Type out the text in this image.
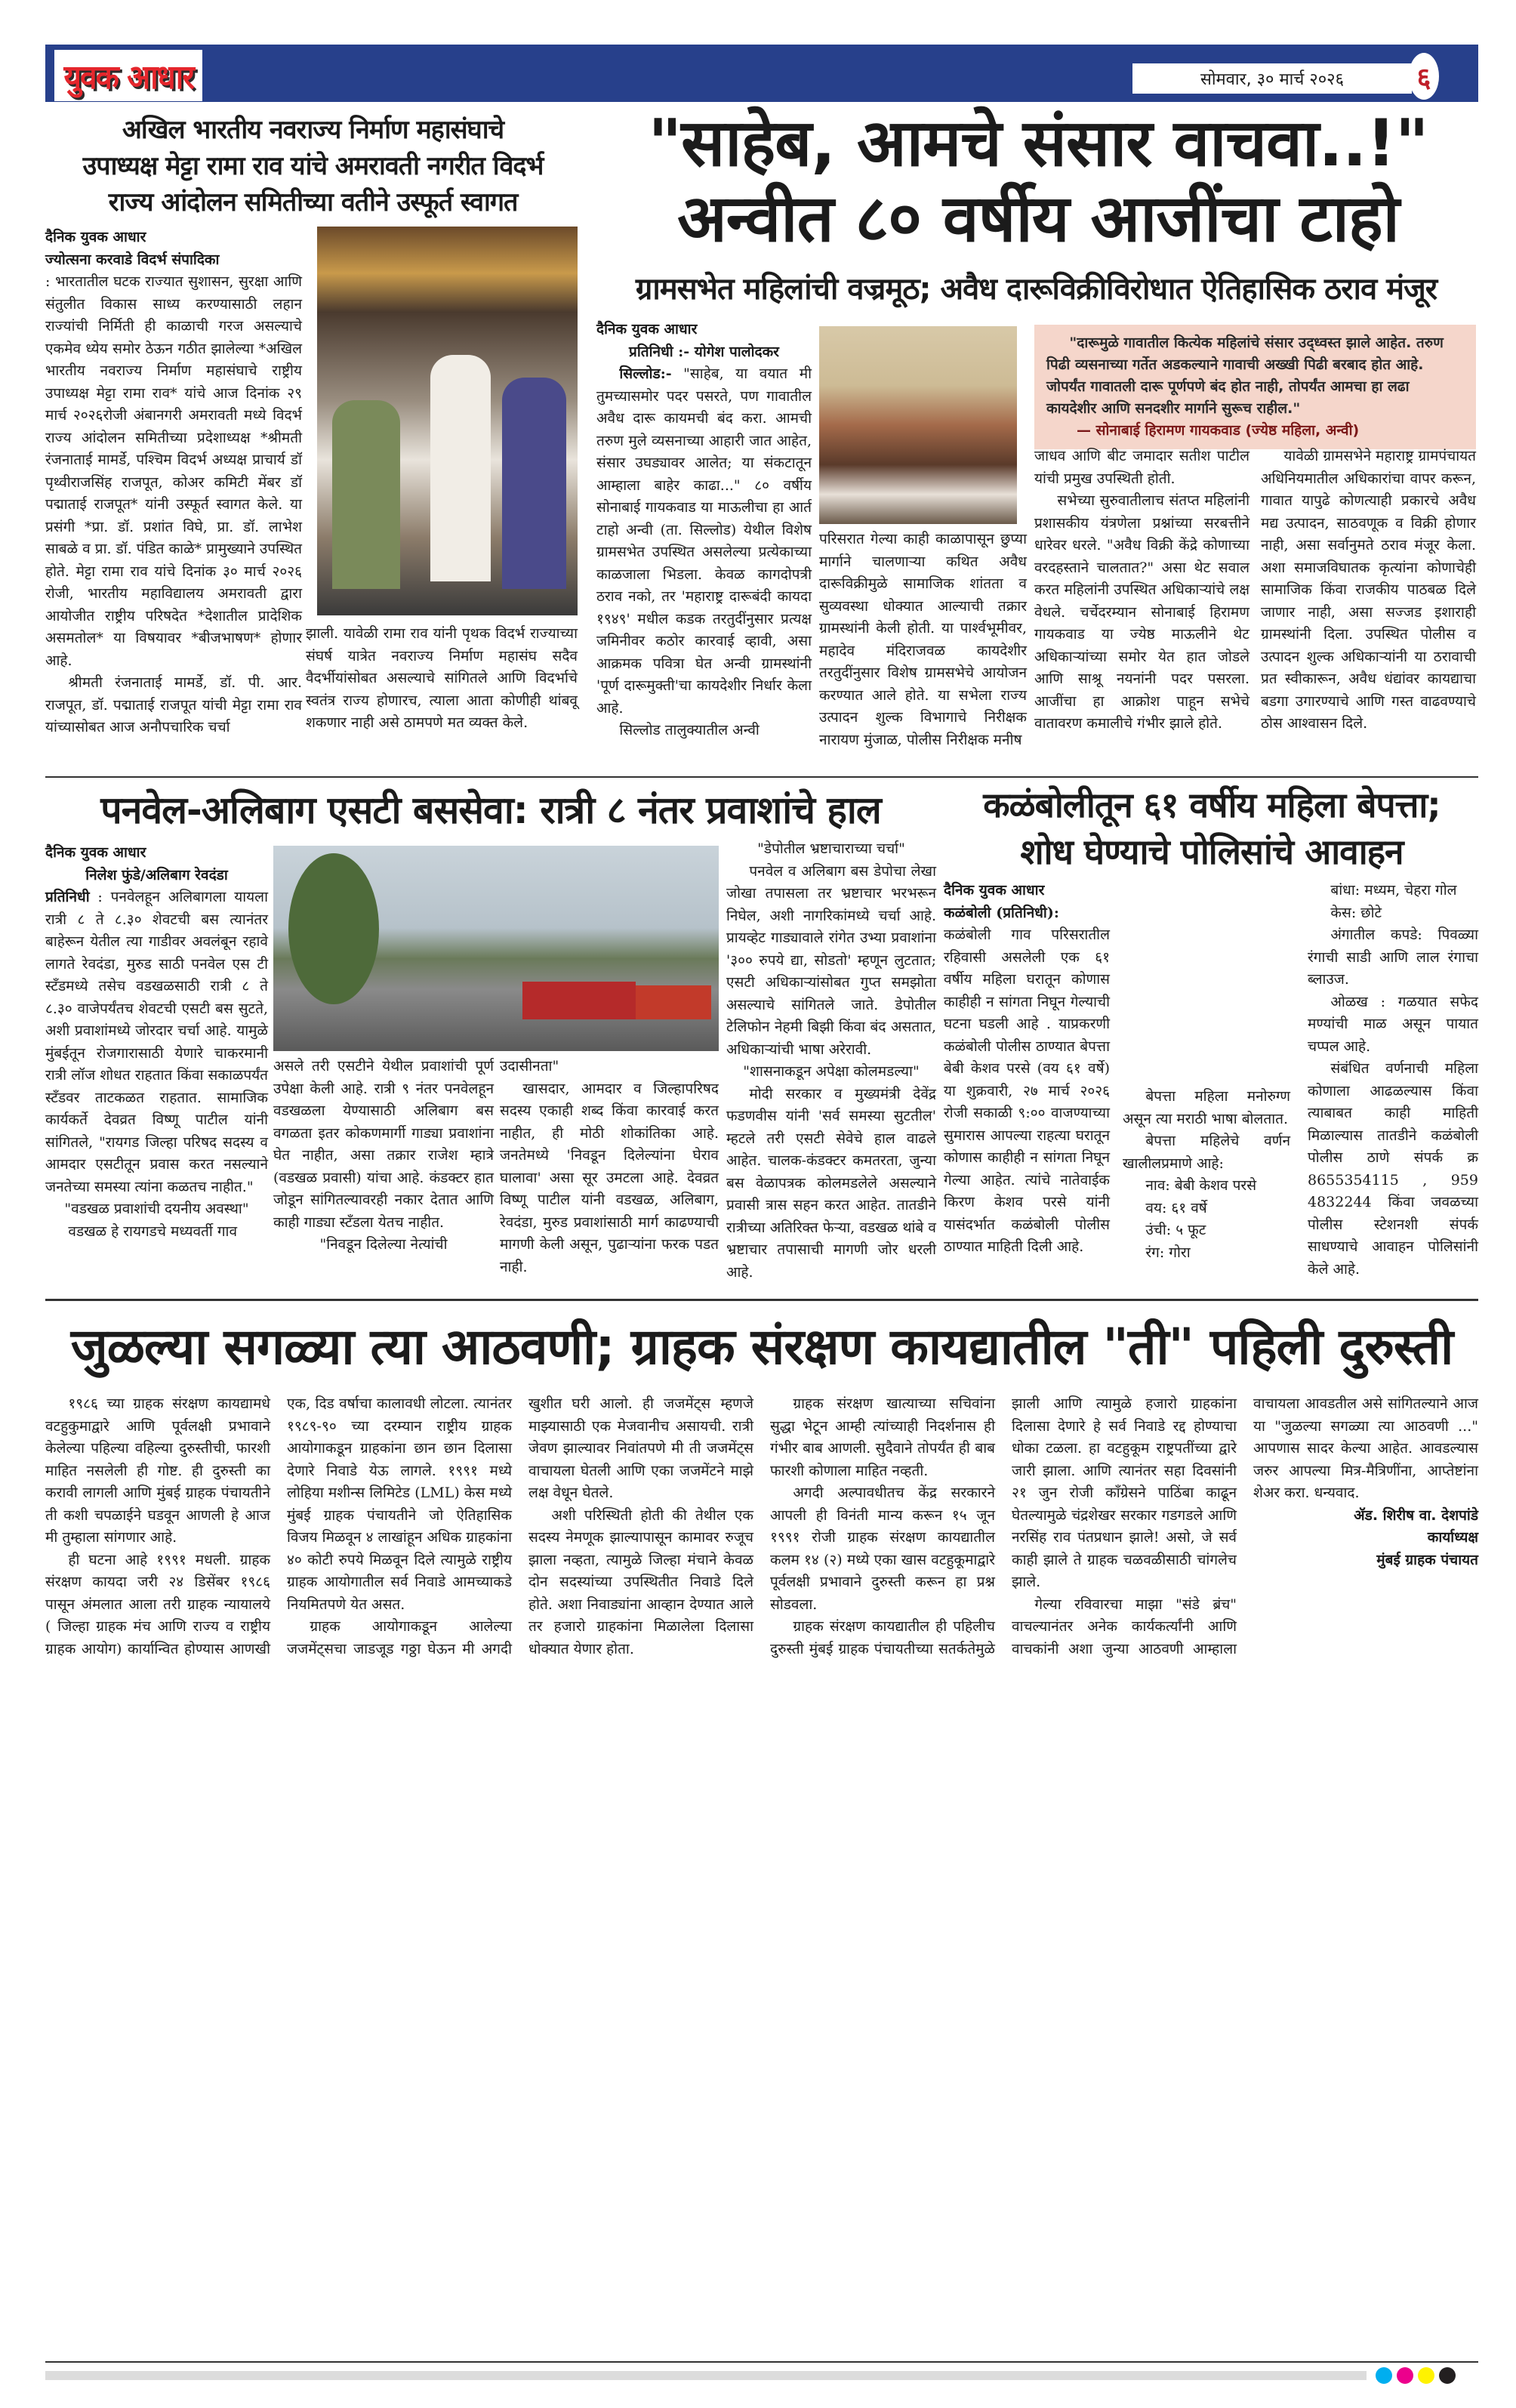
युवक आधार	सोमवार, ३० मार्च २०२६	६
अखिल भारतीय नवराज्य निर्माण महासंघाचे
उपाध्यक्ष मेट्टा रामा राव यांचे अमरावती नगरीत विदर्भ
राज्य आंदोलन समितीच्या वतीने उस्फूर्त स्वागत

दैनिक युवक आधार

ज्योत्सना करवाडे विदर्भ संपादिका

: भारतातील घटक राज्यात सुशासन, सुरक्षा आणि संतुलीत विकास साध्य करण्यासाठी लहान राज्यांची निर्मिती ही काळाची गरज असल्याचे एकमेव ध्येय समोर ठेऊन गठीत झालेल्या *अखिल भारतीय नवराज्य निर्माण महासंघाचे राष्ट्रीय उपाध्यक्ष मेट्टा रामा राव* यांचे आज दिनांक २९ मार्च २०२६रोजी अंबानगरी अमरावती मध्ये विदर्भ राज्य आंदोलन समितीच्या प्रदेशाध्यक्ष *श्रीमती रंजनाताई मामर्डे, पश्चिम विदर्भ अध्यक्ष प्राचार्य डॉ पृथ्वीराजसिंह राजपूत, कोअर कमिटी मेंबर डॉ पद्माताई राजपूत* यांनी उस्फूर्त स्वागत केले. या प्रसंगी *प्रा. डॉ. प्रशांत विघे, प्रा. डॉ. लाभेश साबळे व प्रा. डॉ. पंडित काळे* प्रामुख्याने उपस्थित होते. मेट्टा रामा राव यांचे दिनांक ३० मार्च २०२६ रोजी, भारतीय महाविद्यालय अमरावती द्वारा आयोजीत राष्ट्रीय परिषदेत *देशातील प्रादेशिक असमतोल* या विषयावर *बीजभाषण* होणार आहे.

श्रीमती रंजनाताई मामर्डे, डॉ. पी. आर. राजपूत, डॉ. पद्माताई राजपूत यांची मेट्टा रामा राव यांच्यासोबत आज अनौपचारिक चर्चा

झाली. यावेळी रामा राव यांनी पृथक विदर्भ राज्याच्या संघर्ष यात्रेत नवराज्य निर्माण महासंघ सदैव वैदर्भीयांसोबत असल्याचे सांगितले आणि विदर्भाचे स्वतंत्र राज्य होणारच, त्याला आता कोणीही थांबवू शकणार नाही असे ठामपणे मत व्यक्त केले.

"साहेब, आमचे संसार वाचवा..!"
अन्वीत ८० वर्षीय आजींचा टाहो
ग्रामसभेत महिलांची वज्रमूठ; अवैध दारूविक्रीविरोधात ऐतिहासिक ठराव मंजूर

दैनिक युवक आधार

प्रतिनिधी :- योगेश पालोदकर

सिल्लोड:- "साहेब, या वयात मी तुमच्यासमोर पदर पसरते, पण गावातील अवैध दारू कायमची बंद करा. आमची तरुण मुले व्यसनाच्या आहारी जात आहेत, संसार उघड्यावर आलेत; या संकटातून आम्हाला बाहेर काढा..." ८० वर्षीय सोनाबाई गायकवाड या माऊलीचा हा आर्त टाहो अन्वी (ता. सिल्लोड) येथील विशेष ग्रामसभेत उपस्थित असलेल्या प्रत्येकाच्या काळजाला भिडला. केवळ कागदोपत्री ठराव नको, तर 'महाराष्ट्र दारूबंदी कायदा १९४९' मधील कडक तरतुदींनुसार प्रत्यक्ष जमिनीवर कठोर कारवाई व्हावी, असा आक्रमक पवित्रा घेत अन्वी ग्रामस्थांनी 'पूर्ण दारूमुक्ती'चा कायदेशीर निर्धार केला आहे.

सिल्लोड तालुक्यातील अन्वी

परिसरात गेल्या काही काळापासून छुप्या मार्गाने चालणाऱ्या कथित अवैध दारूविक्रीमुळे सामाजिक शांतता व सुव्यवस्था धोक्यात आल्याची तक्रार ग्रामस्थांनी केली होती. या पार्श्वभूमीवर, महादेव मंदिराजवळ कायदेशीर तरतुदींनुसार विशेष ग्रामसभेचे आयोजन करण्यात आले होते. या सभेला राज्य उत्पादन शुल्क विभागाचे निरीक्षक नारायण मुंजाळ, पोलीस निरीक्षक मनीष

"दारूमुळे गावातील कित्येक महिलांचे संसार उद्ध्वस्त झाले आहेत. तरुण पिढी व्यसनाच्या गर्तेत अडकल्याने गावाची अख्खी पिढी बरबाद होत आहे. जोपर्यंत गावातली दारू पूर्णपणे बंद होत नाही, तोपर्यंत आमचा हा लढा कायदेशीर आणि सनदशीर मार्गाने सुरूच राहील."
— सोनाबाई हिरामण गायकवाड (ज्येष्ठ महिला, अन्वी)

जाधव आणि बीट जमादार सतीश पाटील यांची प्रमुख उपस्थिती होती.

सभेच्या सुरुवातीलाच संतप्त महिलांनी प्रशासकीय यंत्रणेला प्रश्नांच्या सरबत्तीने धारेवर धरले. "अवैध विक्री केंद्रे कोणाच्या वरदहस्ताने चालतात?" असा थेट सवाल करत महिलांनी उपस्थित अधिकाऱ्यांचे लक्ष वेधले. चर्चेदरम्यान सोनाबाई हिरामण गायकवाड या ज्येष्ठ माऊलीने थेट अधिकाऱ्यांच्या समोर येत हात जोडले आणि साश्रू नयनांनी पदर पसरला. आजींचा हा आक्रोश पाहून सभेचे वातावरण कमालीचे गंभीर झाले होते.

यावेळी ग्रामसभेने महाराष्ट्र ग्रामपंचायत अधिनियमातील अधिकारांचा वापर करून, गावात यापुढे कोणत्याही प्रकारचे अवैध मद्य उत्पादन, साठवणूक व विक्री होणार नाही, असा सर्वानुमते ठराव मंजूर केला. अशा समाजविघातक कृत्यांना कोणाचेही सामाजिक किंवा राजकीय पाठबळ दिले जाणार नाही, असा सज्जड इशाराही ग्रामस्थांनी दिला. उपस्थित पोलीस व उत्पादन शुल्क अधिकाऱ्यांनी या ठरावाची प्रत स्वीकारून, अवैध धंद्यांवर कायद्याचा बडगा उगारण्याचे आणि गस्त वाढवण्याचे ठोस आश्वासन दिले.

पनवेल-अलिबाग एसटी बससेवा: रात्री ८ नंतर प्रवाशांचे हाल

दैनिक युवक आधार

निलेश फुंडे/अलिबाग रेवदंडा

प्रतिनिधी : पनवेलहून अलिबागला यायला रात्री ८ ते ८.३० शेवटची बस त्यानंतर बाहेरून येतील त्या गाडीवर अवलंबून रहावे लागते रेवदंडा, मुरुड साठी पनवेल एस टी स्टँडमध्ये तसेच वडखळसाठी रात्री ८ ते ८.३० वाजेपर्यंतच शेवटची एसटी बस सुटते, अशी प्रवाशांमध्ये जोरदार चर्चा आहे. यामुळे मुंबईतून रोजगारासाठी येणारे चाकरमानी रात्री लॉज शोधत राहतात किंवा सकाळपर्यंत स्टँडवर ताटकळत राहतात. सामाजिक कार्यकर्ते देवव्रत विष्णू पाटील यांनी सांगितले, "रायगड जिल्हा परिषद सदस्य व आमदार एसटीतून प्रवास करत नसल्याने जनतेच्या समस्या त्यांना कळतच नाहीत."

"वडखळ प्रवाशांची दयनीय अवस्था"

वडखळ हे रायगडचे मध्यवर्ती गाव

असले तरी एसटीने येथील प्रवाशांची पूर्ण उपेक्षा केली आहे. रात्री ९ नंतर पनवेलहून वडखळला येण्यासाठी अलिबाग बस वगळता इतर कोकणमार्गी गाड्या प्रवाशांना घेत नाहीत, असा तक्रार राजेश म्हात्रे (वडखळ प्रवासी) यांचा आहे. कंडक्टर हात जोडून सांगितल्यावरही नकार देतात आणि काही गाड्या स्टँडला येतच नाहीत.

"निवडून दिलेल्या नेत्यांची

उदासीनता"

खासदार, आमदार व जिल्हापरिषद सदस्य एकाही शब्द किंवा कारवाई करत नाहीत, ही मोठी शोकांतिका आहे. जनतेमध्ये 'निवडून दिलेल्यांना घेराव घालावा' असा सूर उमटला आहे. देवव्रत विष्णू पाटील यांनी वडखळ, अलिबाग, रेवदंडा, मुरुड प्रवाशांसाठी मार्ग काढण्याची मागणी केली असून, पुढाऱ्यांना फरक पडत नाही.

"डेपोतील भ्रष्टाचाराच्या चर्चा"

पनवेल व अलिबाग बस डेपोचा लेखा जोखा तपासला तर भ्रष्टाचार भरभरून निघेल, अशी नागरिकांमध्ये चर्चा आहे. प्रायव्हेट गाड्यावाले रांगेत उभ्या प्रवाशांना '३०० रुपये द्या, सोडतो' म्हणून लुटतात; एसटी अधिकाऱ्यांसोबत गुप्त समझोता असल्याचे सांगितले जाते. डेपोतील टेलिफोन नेहमी बिझी किंवा बंद असतात, अधिकाऱ्यांची भाषा अरेरावी.

"शासनाकडून अपेक्षा कोलमडल्या"

मोदी सरकार व मुख्यमंत्री देवेंद्र फडणवीस यांनी 'सर्व समस्या सुटतील' म्हटले तरी एसटी सेवेचे हाल वाढले आहेत. चालक-कंडक्टर कमतरता, जुन्या बस वेळापत्रक कोलमडलेले असल्याने प्रवासी त्रास सहन करत आहेत. तातडीने रात्रीच्या अतिरिक्त फेर्‍या, वडखळ थांबे व भ्रष्टाचार तपासाची मागणी जोर धरली आहे.

कळंबोलीतून ६१ वर्षीय महिला बेपत्ता;
शोध घेण्याचे पोलिसांचे आवाहन

दैनिक युवक आधार

कळंबोली (प्रतिनिधी):

कळंबोली गाव परिसरातील रहिवासी असलेली एक ६१ वर्षीय महिला घरातून कोणास काहीही न सांगता निघून गेल्याची घटना घडली आहे . याप्रकरणी कळंबोली पोलीस ठाण्यात बेपत्ता बेबी केशव परसे (वय ६१ वर्षे) या शुक्रवारी, २७ मार्च २०२६ रोजी सकाळी ९:०० वाजण्याच्या सुमारास आपल्या राहत्या घरातून कोणास काहीही न सांगता निघून गेल्या आहेत. त्यांचे नातेवाईक किरण केशव परसे यांनी यासंदर्भात कळंबोली पोलीस ठाण्यात माहिती दिली आहे.

बेपत्ता महिला मनोरुग्ण असून त्या मराठी भाषा बोलतात.

बेपत्ता महिलेचे वर्णन खालीलप्रमाणे आहे:

नाव: बेबी केशव परसे

वय: ६१ वर्षे

उंची: ५ फूट

रंग: गोरा

बांधा: मध्यम, चेहरा गोल

केस: छोटे

अंगातील कपडे: पिवळ्या रंगाची साडी आणि लाल रंगाचा ब्लाउज.

ओळख : गळयात सफेद मण्यांची माळ असून पायात चप्पल आहे.

संबंधित वर्णनाची महिला कोणाला आढळल्यास किंवा त्याबाबत काही माहिती मिळाल्यास तातडीने कळंबोली पोलीस ठाणे संपर्क क्र 8655354115 , 959 4832244 किंवा जवळच्या पोलीस स्टेशनशी संपर्क साधण्याचे आवाहन पोलिसांनी केले आहे.

जुळल्या सगळ्या त्या आठवणी; ग्राहक संरक्षण कायद्यातील "ती" पहिली दुरुस्ती

१९८६ च्या ग्राहक संरक्षण कायद्यामधे वटहुकुमाद्वारे आणि पूर्वलक्षी प्रभावाने केलेल्या पहिल्या वहिल्या दुरुस्तीची, फारशी माहित नसलेली ही गोष्ट. ही दुरुस्ती का करावी लागली आणि मुंबई ग्राहक पंचायतीने ती कशी चपळाईने घडवून आणली हे आज मी तुम्हाला सांगणार आहे.

ही घटना आहे १९९१ मधली. ग्राहक संरक्षण कायदा जरी २४ डिसेंबर १९८६ पासून अंमलात आला तरी ग्राहक न्यायालये ( जिल्हा ग्राहक मंच आणि राज्य व राष्ट्रीय ग्राहक आयोग) कार्यान्वित होण्यास आणखी एक, दिड वर्षाचा कालावधी लोटला. त्यानंतर १९८९-९० च्या दरम्यान राष्ट्रीय ग्राहक आयोगाकडून ग्राहकांना छान छान दिलासा देणारे निवाडे येऊ लागले. १९९१ मध्ये लोहिया मशीन्स लिमिटेड (LML) केस मध्ये मुंबई ग्राहक पंचायतीने जो ऐतिहासिक विजय मिळवून ४ लाखांहून अधिक ग्राहकांना ४० कोटी रुपये मिळवून दिले त्यामुळे राष्ट्रीय ग्राहक आयोगातील सर्व निवाडे आमच्याकडे नियमितपणे येत असत.

ग्राहक आयोगाकडून आलेल्या जजमेंट्सचा जाडजूड गठ्ठा घेऊन मी अगदी खुशीत घरी आलो. ही जजमेंट्स म्हणजे माझ्यासाठी एक मेजवानीच असायची. रात्री जेवण झाल्यावर निवांतपणे मी ती जजमेंट्स वाचायला घेतली आणि एका जजमेंटने माझे लक्ष वेधून घेतले.

अशी परिस्थिती होती की तेथील एक सदस्य नेमणूक झाल्यापासून कामावर रुजूच झाला नव्हता, त्यामुळे जिल्हा मंचाने केवळ दोन सदस्यांच्या उपस्थितीत निवाडे दिले होते. अशा निवाड्यांना आव्हान देण्यात आले तर हजारो ग्राहकांना मिळालेला दिलासा धोक्यात येणार होता.

ग्राहक संरक्षण खात्याच्या सचिवांना सुद्धा भेटून आम्ही त्यांच्याही निदर्शनास ही गंभीर बाब आणली. सुदैवाने तोपर्यंत ही बाब फारशी कोणाला माहित नव्हती.

अगदी अल्पावधीतच केंद्र सरकारने आपली ही विनंती मान्य करून १५ जून १९९१ रोजी ग्राहक संरक्षण कायद्यातील कलम १४ (२) मध्ये एका खास वटहुकूमाद्वारे पूर्वलक्षी प्रभावाने दुरुस्ती करून हा प्रश्न सोडवला.

ग्राहक संरक्षण कायद्यातील ही पहिलीच दुरुस्ती मुंबई ग्राहक पंचायतीच्या सतर्कतेमुळे झाली आणि त्यामुळे हजारो ग्राहकांना दिलासा देणारे हे सर्व निवाडे रद्द होण्याचा धोका टळला. हा वटहुकूम राष्ट्रपतींच्या द्वारे जारी झाला. आणि त्यानंतर सहा दिवसांनी २१ जुन रोजी काँग्रेसने पाठिंबा काढून घेतल्यामुळे चंद्रशेखर सरकार गडगडले आणि नरसिंह राव पंतप्रधान झाले! असो, जे सर्व काही झाले ते ग्राहक चळवळीसाठी चांगलेच झाले.

गेल्या रविवारचा माझा "संडे ब्रंच" वाचल्यानंतर अनेक कार्यकर्त्यांनी आणि वाचकांनी अशा जुन्या आठवणी आम्हाला वाचायला आवडतील असे सांगितल्याने आज या "जुळल्या सगळ्या त्या आठवणी ..." आपणास सादर केल्या आहेत. आवडल्यास जरुर आपल्या मित्र-मैत्रिणींना, आप्तेष्टांना शेअर करा. धन्यवाद.

ॲड. शिरीष वा. देशपांडे

कार्याध्यक्ष

मुंबई ग्राहक पंचायत
